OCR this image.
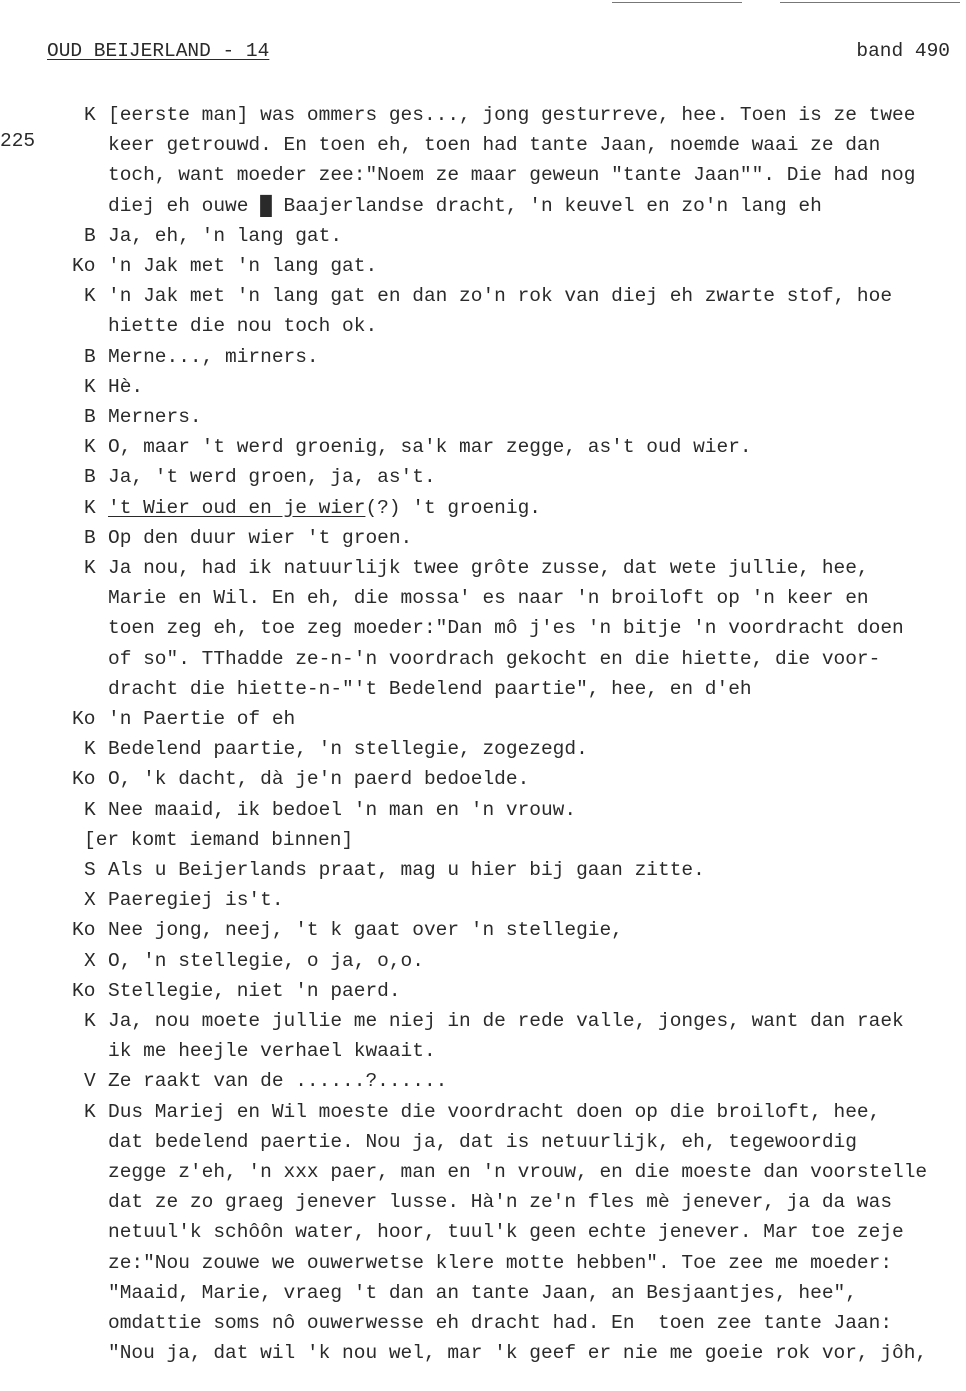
OUD BEIJERLAND - 14	band 490
225
K [eerste man] was ommers ges..., jong gesturreve, hee. Toen is ze twee
keer getrouwd. En toen eh, toen had tante Jaan, noemde waai ze dan
toch, want moeder zee:"Noem ze maar geweun "tante Jaan"". Die had nog
diej eh ouwe █ Baajerlandse dracht, 'n keuvel en zo'n lang eh
B Ja, eh, 'n lang gat.
Ko 'n Jak met 'n lang gat.
K 'n Jak met 'n lang gat en dan zo'n rok van diej eh zwarte stof, hoe
hiette die nou toch ok.
B Merne..., mirners.
K Hè.
B Merners.
K O, maar 't werd groenig, sa'k mar zegge, as't oud wier.
B Ja, 't werd groen, ja, as't.
K 't Wier oud en je wier(?) 't groenig.
B Op den duur wier 't groen.
K Ja nou, had ik natuurlijk twee grôte zusse, dat wete jullie, hee,
Marie en Wil. En eh, die mossa' es naar 'n broiloft op 'n keer en
toen zeg eh, toe zeg moeder:"Dan mô j'es 'n bitje 'n voordracht doen
of so". TThadde ze-n-'n voordrach gekocht en die hiette, die voor-
dracht die hiette-n-"'t Bedelend paartie", hee, en d'eh
Ko 'n Paertie of eh
K Bedelend paartie, 'n stellegie, zogezegd.
Ko O, 'k dacht, dà je'n paerd bedoelde.
K Nee maaid, ik bedoel 'n man en 'n vrouw.
[er komt iemand binnen]
S Als u Beijerlands praat, mag u hier bij gaan zitte.
X Paeregiej is't.
Ko Nee jong, neej, 't k gaat over 'n stellegie,
X O, 'n stellegie, o ja, o,o.
Ko Stellegie, niet 'n paerd.
K Ja, nou moete jullie me niej in de rede valle, jonges, want dan raek
ik me heejle verhael kwaait.
V Ze raakt van de ......?......
K Dus Mariej en Wil moeste die voordracht doen op die broiloft, hee,
dat bedelend paertie. Nou ja, dat is netuurlijk, eh, tegewoordig
zegge z'eh, 'n xxx paer, man en 'n vrouw, en die moeste dan voorstelle
dat ze zo graeg jenever lusse. Hà'n ze'n fles mè jenever, ja da was
netuul'k schôôn water, hoor, tuul'k geen echte jenever. Mar toe zeje
ze:"Nou zouwe we ouwerwetse klere motte hebben". Toe zee me moeder:
"Maaid, Marie, vraeg 't dan an tante Jaan, an Besjaantjes, hee",
omdattie soms nô ouwerwesse eh dracht had. En  toen zee tante Jaan:
"Nou ja, dat wil 'k nou wel, mar 'k geef er nie me goeie rok vor, jôh,
